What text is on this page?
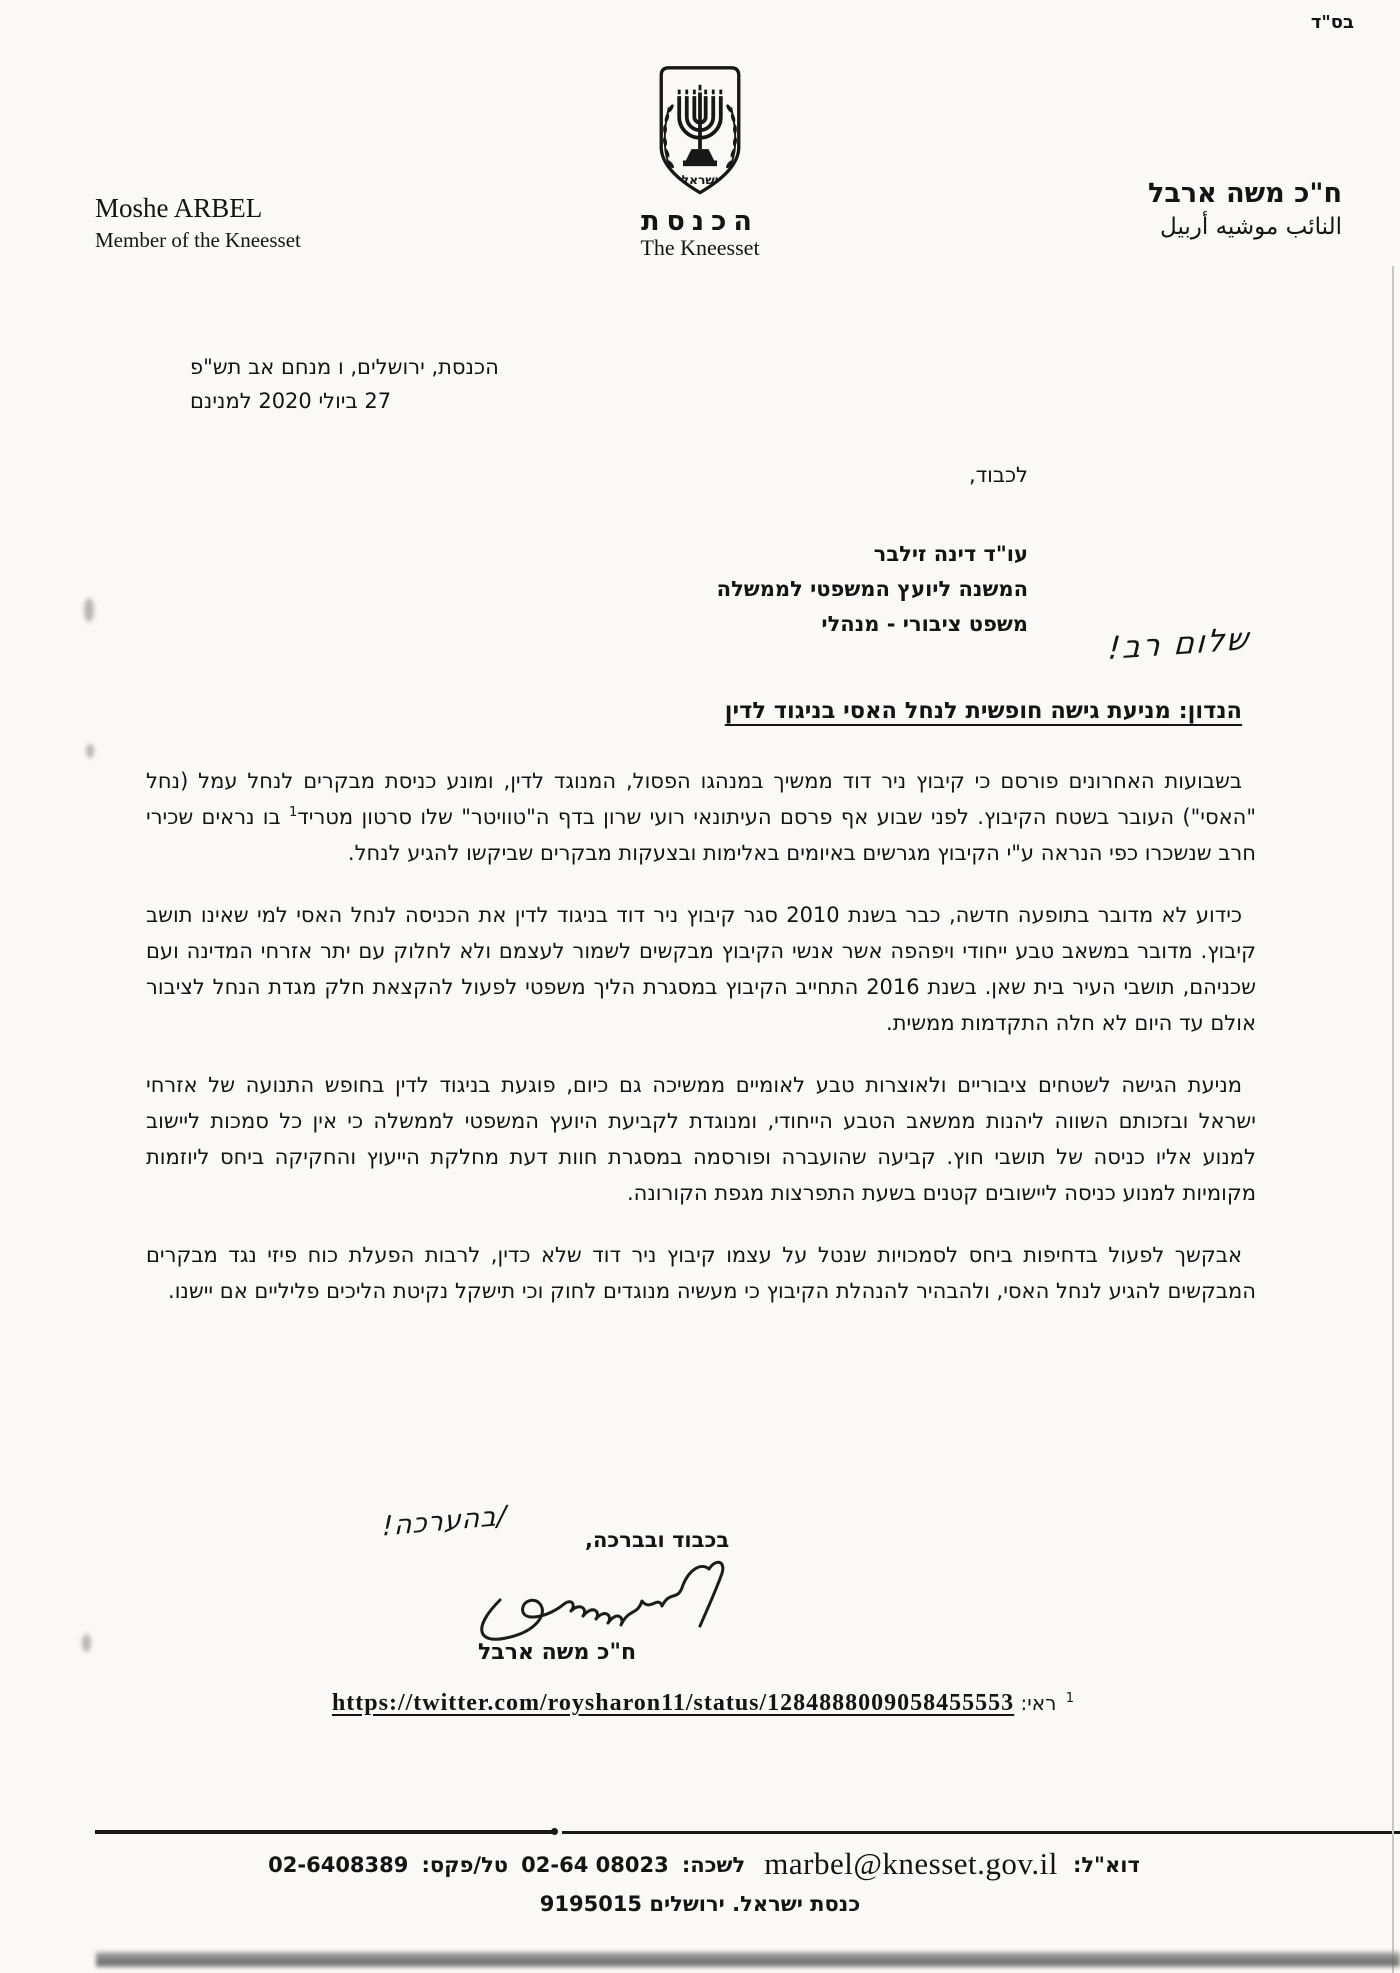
בס"ד
ישראל
הכנסת
The Kneesset
Moshe ARBEL
Member of the Kneesset
ח"כ משה ארבל
النائب موشيه أربيل
הכנסת, ירושלים, ו מנחם אב תש"פ
27 ביולי 2020 למנינם
לכבוד,
עו"ד דינה זילבר
המשנה ליועץ המשפטי לממשלה
משפט ציבורי - מנהלי	שלום רב!
הנדון: מניעת גישה חופשית לנחל האסי בניגוד לדין

בשבועות האחרונים פורסם כי קיבוץ ניר דוד ממשיך במנהגו הפסול, המנוגד לדין, ומונע כניסת מבקרים לנחל עמל (נחל "האסי") העובר בשטח הקיבוץ. לפני שבוע אף פרסם העיתונאי רועי שרון בדף ה"טוויטר" שלו סרטון מטריד$^1$ בו נראים שכירי חרב שנשכרו כפי הנראה ע"י הקיבוץ מגרשים באיומים באלימות ובצעקות מבקרים שביקשו להגיע לנחל.

כידוע לא מדובר בתופעה חדשה, כבר בשנת 2010 סגר קיבוץ ניר דוד בניגוד לדין את הכניסה לנחל האסי למי שאינו תושב קיבוץ. מדובר במשאב טבע ייחודי ויפהפה אשר אנשי הקיבוץ מבקשים לשמור לעצמם ולא לחלוק עם יתר אזרחי המדינה ועם שכניהם, תושבי העיר בית שאן. בשנת 2016 התחייב הקיבוץ במסגרת הליך משפטי לפעול להקצאת חלק מגדת הנחל לציבור אולם עד היום לא חלה התקדמות ממשית.

מניעת הגישה לשטחים ציבוריים ולאוצרות טבע לאומיים ממשיכה גם כיום, פוגעת בניגוד לדין בחופש התנועה של אזרחי ישראל ובזכותם השווה ליהנות ממשאב הטבע הייחודי, ומנוגדת לקביעת היועץ המשפטי לממשלה כי אין כל סמכות ליישוב למנוע אליו כניסה של תושבי חוץ. קביעה שהועברה ופורסמה במסגרת חוות דעת מחלקת הייעוץ והחקיקה ביחס ליוזמות מקומיות למנוע כניסה ליישובים קטנים בשעת התפרצות מגפת הקורונה.

אבקשך לפעול בדחיפות ביחס לסמכויות שנטל על עצמו קיבוץ ניר דוד שלא כדין, לרבות הפעלת כוח פיזי נגד מבקרים המבקשים להגיע לנחל האסי, ולהבהיר להנהלת הקיבוץ כי מעשיה מנוגדים לחוק וכי תישקל נקיטת הליכים פליליים אם יישנו.

בכבוד ובברכה,
/בהערכה!
ח"כ משה ארבל
$^1$ ראי: https://twitter.com/roysharon11/status/1284888009058455553
דוא"ל: marbel@knesset.gov.il לשכה: 02-64 08023 טל/פקס: 02-6408389
כנסת ישראל. ירושלים 9195015
